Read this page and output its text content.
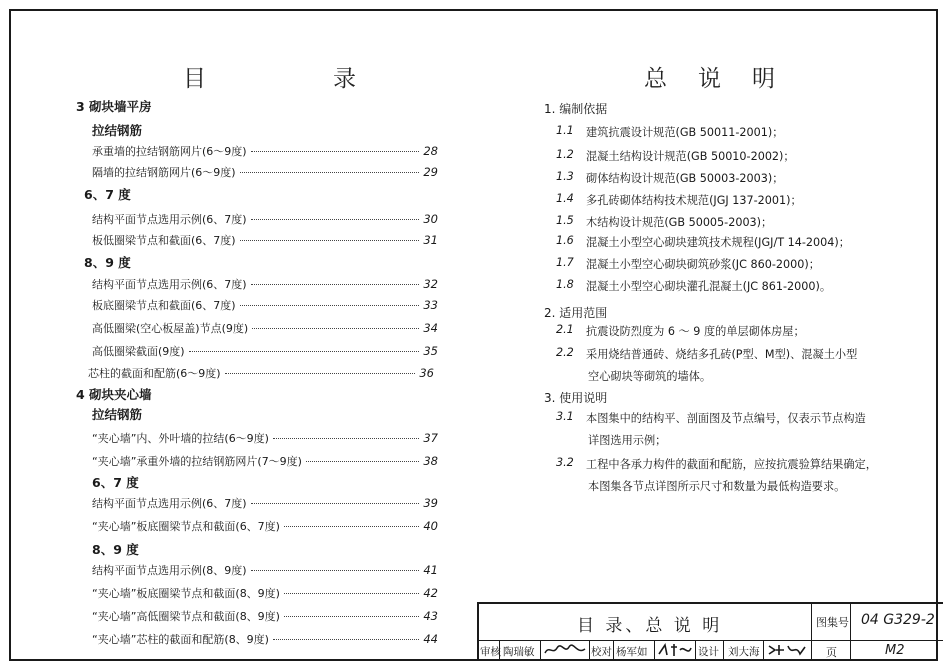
目	录
3 砌块墙平房
拉结钢筋
承重墙的拉结钢筋网片(6～9度)	28
隔墙的拉结钢筋网片(6～9度)	29
6、7 度
结构平面节点选用示例(6、7度)	30
板低圈梁节点和截面(6、7度)	31
8、9 度
结构平面节点选用示例(6、7度)	32
板底圈梁节点和截面(6、7度)	33
高低圈梁(空心板屋盖)节点(9度)	34
高低圈梁截面(9度)	35
芯柱的截面和配筋(6～9度)	36
4 砌块夹心墙
拉结钢筋
“夹心墙”内、外叶墙的拉结(6～9度)	37
“夹心墙”承重外墙的拉结钢筋网片(7～9度)	38
6、7 度
结构平面节点选用示例(6、7度)	39
“夹心墙”板底圈梁节点和截面(6、7度)	40
8、9 度
结构平面节点选用示例(8、9度)	41
“夹心墙”板底圈梁节点和截面(8、9度)	42
“夹心墙”高低圈梁节点和截面(8、9度)	43
“夹心墙”芯柱的截面和配筋(8、9度)	44
总　说　明
1. 编制依据
1.1 建筑抗震设计规范(GB 50011-2001)；
1.2 混凝土结构设计规范(GB 50010-2002)；
1.3 砌体结构设计规范(GB 50003-2003)；
1.4 多孔砖砌体结构技术规范(JGJ 137-2001)；
1.5 木结构设计规范(GB 50005-2003)；
1.6 混凝土小型空心砌块建筑技术规程(JGJ/T 14-2004)；
1.7 混凝土小型空心砌块砌筑砂浆(JC 860-2000)；
1.8 混凝土小型空心砌块灌孔混凝土(JC 861-2000)。
2. 适用范围
2.1 抗震设防烈度为 6 ～ 9 度的单层砌体房屋；
2.2 采用烧结普通砖、烧结多孔砖(P型、M型)、混凝土小型
空心砌块等砌筑的墙体。
3. 使用说明
3.1 本图集中的结构平、剖面图及节点编号，仅表示节点构造
详图选用示例；
3.2 工程中各承力构件的截面和配筋，应按抗震验算结果确定，
本图集各节点详图所示尺寸和数量为最低构造要求。
目 录、总 说 明	图集号 04 G329-2
页	M2
审核 陶瑞敏	校对 杨军如	设计 刘大海
